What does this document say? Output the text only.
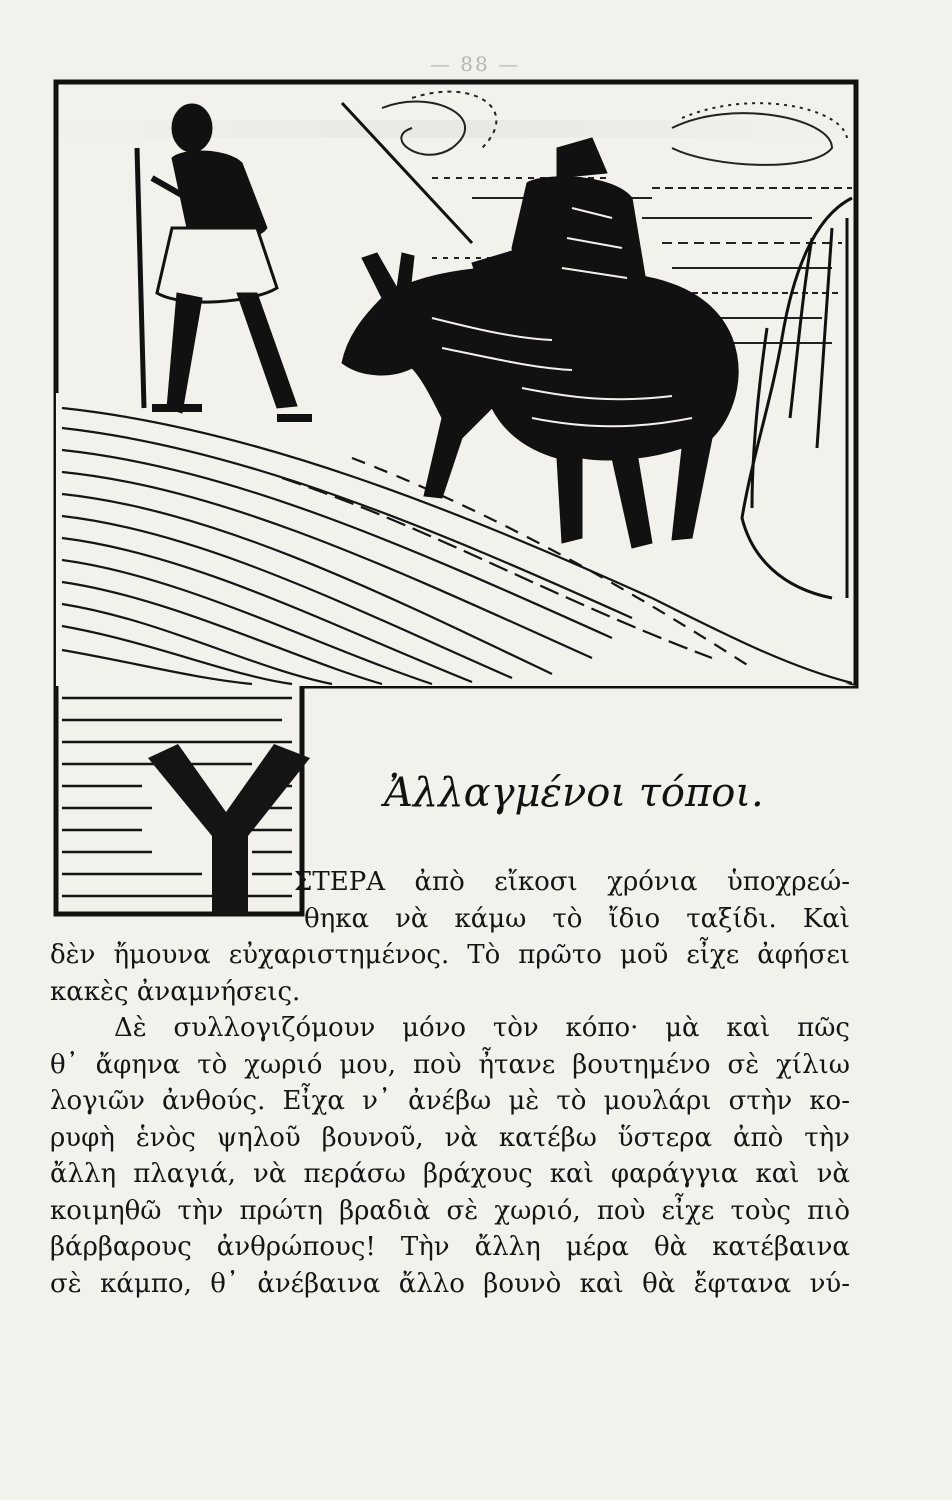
— 88 —
Ἀλλαγμένοι τόποι.
ΣΤΕΡΑ ἀπὸ εἴκοσι χρόνια ὑποχρεώ-
θηκα νὰ κάμω τὸ ἴδιο ταξίδι. Καὶ
δὲν ἤμουνα εὐχαριστημένος. Τὸ πρῶτο μοῦ εἶχε ἀφήσει
κακὲς ἀναμνήσεις.
Δὲ συλλογιζόμουν μόνο τὸν κόπο· μὰ καὶ πῶς
θ᾽ ἄφηνα τὸ χωριό μου, ποὺ ἦτανε βουτημένο σὲ χίλιω
λογιῶν ἀνθούς. Εἶχα ν᾽ ἀνέβω μὲ τὸ μουλάρι στὴν κο-
ρυφὴ ἑνὸς ψηλοῦ βουνοῦ, νὰ κατέβω ὕστερα ἀπὸ τὴν
ἄλλη πλαγιά, νὰ περάσω βράχους καὶ φαράγγια καὶ νὰ
κοιμηθῶ τὴν πρώτη βραδιὰ σὲ χωριό, ποὺ εἶχε τοὺς πιὸ
βάρβαρους ἀνθρώπους! Τὴν ἄλλη μέρα θὰ κατέβαινα
σὲ κάμπο, θ᾽ ἀνέβαινα ἄλλο βουνὸ καὶ θὰ ἔφτανα νύ-
